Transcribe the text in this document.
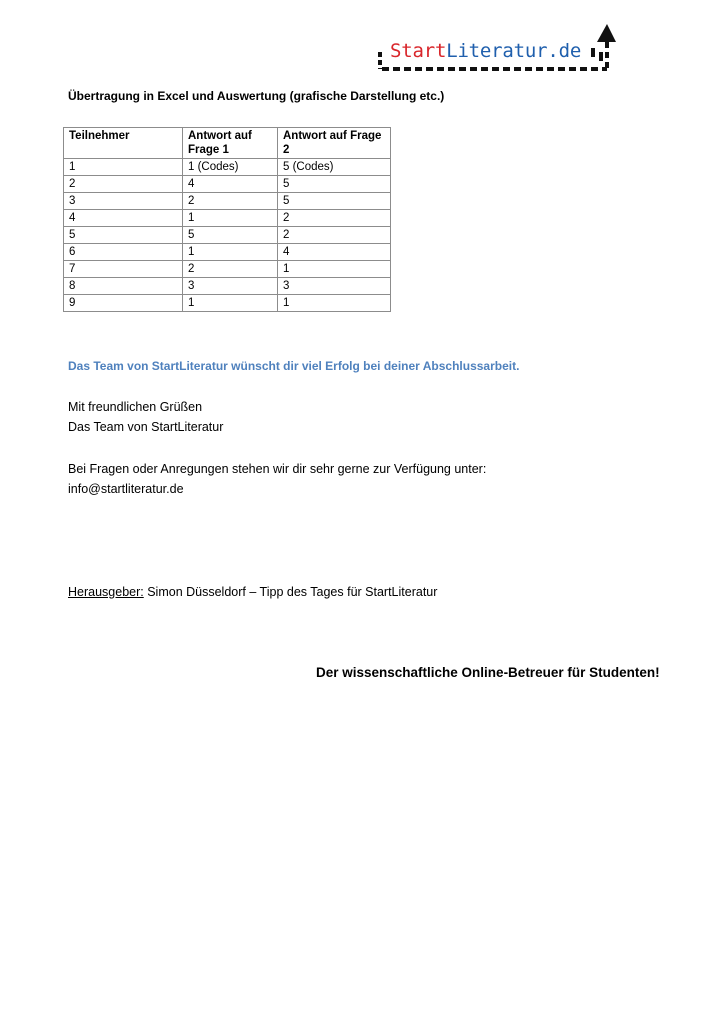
StartLiteratur.de
Übertragung in Excel und Auswertung (grafische Darstellung etc.)
Teilnehmer	Antwort auf Frage 1	Antwort auf Frage 2
1	1 (Codes)	5 (Codes)
2	4	5
3	2	5
4	1	2
5	5	2
6	1	4
7	2	1
8	3	3
9	1	1
Das Team von StartLiteratur wünscht dir viel Erfolg bei deiner Abschlussarbeit.
Mit freundlichen Grüßen
Das Team von StartLiteratur
Bei Fragen oder Anregungen stehen wir dir sehr gerne zur Verfügung unter:
info@startliteratur.de
Herausgeber: Simon Düsseldorf – Tipp des Tages für StartLiteratur
Der wissenschaftliche Online-Betreuer für Studenten!
